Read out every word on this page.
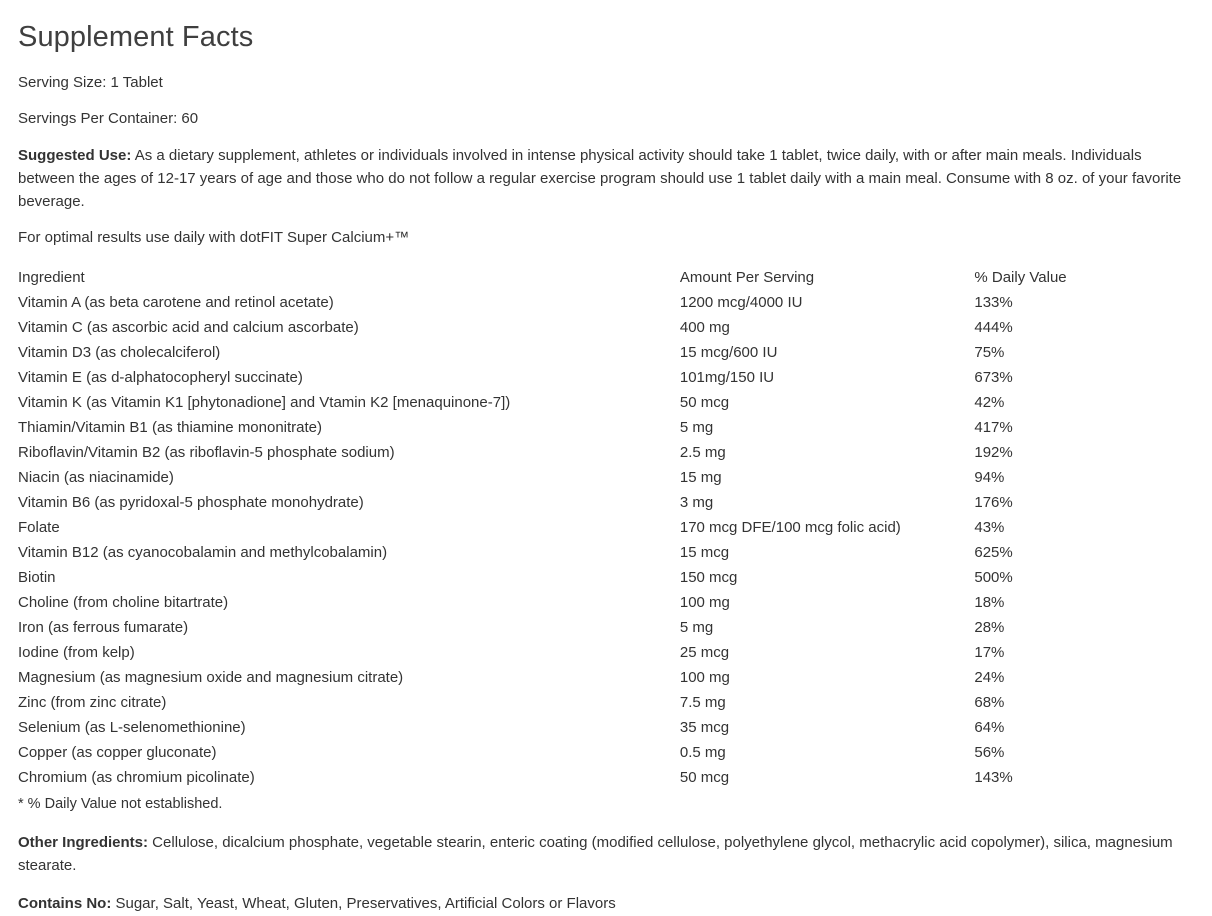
Supplement Facts
Serving Size: 1 Tablet
Servings Per Container: 60

Suggested Use: As a dietary supplement, athletes or individuals involved in intense physical activity should take 1 tablet, twice daily, with or after main meals. Individuals between the ages of 12-17 years of age and those who do not follow a regular exercise program should use 1 tablet daily with a main meal. Consume with 8 oz. of your favorite beverage.

For optimal results use daily with dotFIT Super Calcium+™
Ingredient	Amount Per Serving	% Daily Value
Vitamin A (as beta carotene and retinol acetate)	1200 mcg/4000 IU	133%
Vitamin C (as ascorbic acid and calcium ascorbate)	400 mg	444%
Vitamin D3 (as cholecalciferol)	15 mcg/600 IU	75%
Vitamin E (as d-alphatocopheryl succinate)	101mg/150 IU	673%
Vitamin K (as Vitamin K1 [phytonadione] and Vtamin K2 [menaquinone-7])	50 mcg	42%
Thiamin/Vitamin B1 (as thiamine mononitrate)	5 mg	417%
Riboflavin/Vitamin B2 (as riboflavin-5 phosphate sodium)	2.5 mg	192%
Niacin (as niacinamide)	15 mg	94%
Vitamin B6 (as pyridoxal-5 phosphate monohydrate)	3 mg	176%
Folate	170 mcg DFE/100 mcg folic acid)	43%
Vitamin B12 (as cyanocobalamin and methylcobalamin)	15 mcg	625%
Biotin	150 mcg	500%
Choline (from choline bitartrate)	100 mg	18%
Iron (as ferrous fumarate)	5 mg	28%
Iodine (from kelp)	25 mcg	17%
Magnesium (as magnesium oxide and magnesium citrate)	100 mg	24%
Zinc (from zinc citrate)	7.5 mg	68%
Selenium (as L-selenomethionine)	35 mcg	64%
Copper (as copper gluconate)	0.5 mg	56%
Chromium (as chromium picolinate)	50 mcg	143%
* % Daily Value not established.

Other Ingredients: Cellulose, dicalcium phosphate, vegetable stearin, enteric coating (modified cellulose, polyethylene glycol, methacrylic acid copolymer), silica, magnesium stearate.

Contains No: Sugar, Salt, Yeast, Wheat, Gluten, Preservatives, Artificial Colors or Flavors
